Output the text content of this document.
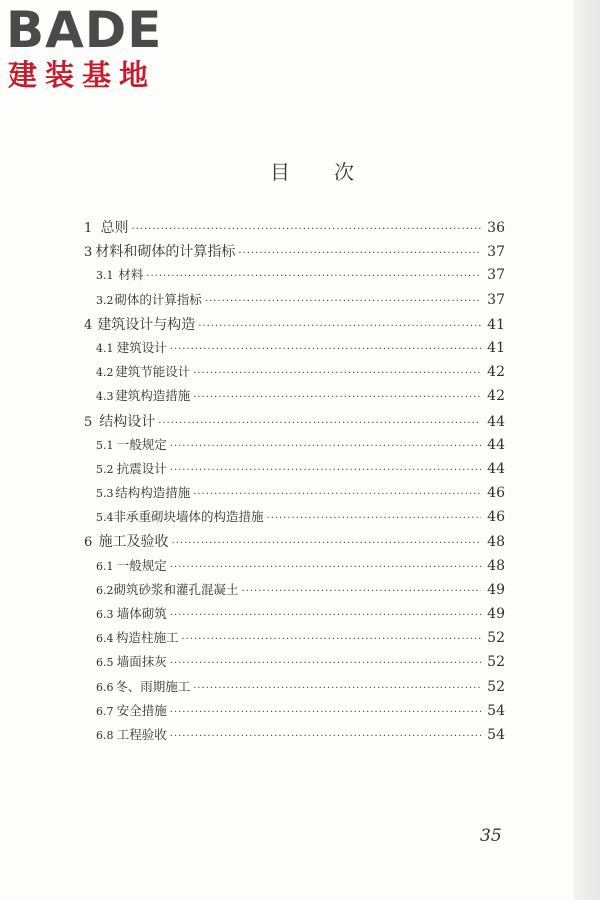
BADE
建装基地
目次
1 总则 ·····	36
3 材料和砌体的计算指标 ·····	37
3.1 材料 ·····	37
3.2 砌体的计算指标 ·····	37
4 建筑设计与构造 ·····	41
4.1 建筑设计 ·····	41
4.2 建筑节能设计 ·····	42
4.3 建筑构造措施 ·····	42
5 结构设计 ·····	44
5.1 一般规定 ·····	44
5.2 抗震设计 ·····	44
5.3 结构构造措施 ·····	46
5.4 非承重砌块墙体的构造措施 ·····	46
6 施工及验收 ·····	48
6.1 一般规定 ·····	48
6.2 砌筑砂浆和灌孔混凝土 ·····	49
6.3 墙体砌筑 ·····	49
6.4 构造柱施工 ·····	52
6.5 墙面抹灰 ·····	52
6.6 冬、雨期施工 ·····	52
6.7 安全措施 ·····	54
6.8 工程验收 ·····	54
35
